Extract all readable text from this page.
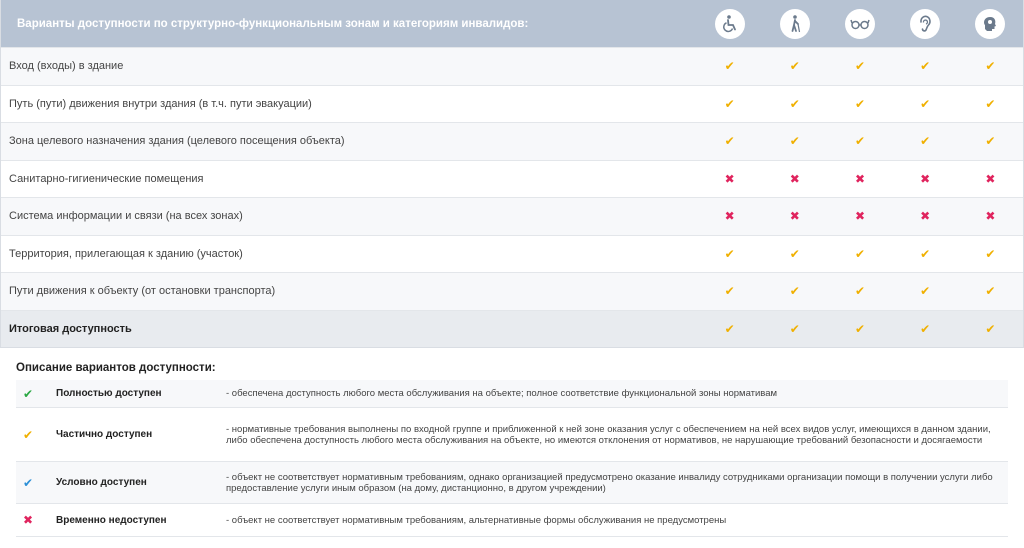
Варианты доступности по структурно-функциональным зонам и категориям инвалидов:
Вход (входы) в здание	✔	✔	✔	✔	✔
Путь (пути) движения внутри здания (в т.ч. пути эвакуации)	✔	✔	✔	✔	✔
Зона целевого назначения здания (целевого посещения объекта)	✔	✔	✔	✔	✔
Санитарно-гигиенические помещения	✖	✖	✖	✖	✖
Система информации и связи (на всех зонах)	✖	✖	✖	✖	✖
Территория, прилегающая к зданию (участок)	✔	✔	✔	✔	✔
Пути движения к объекту (от остановки транспорта)	✔	✔	✔	✔	✔
Итоговая доступность	✔	✔	✔	✔	✔
Описание вариантов доступности:
✔	Полностью доступен	- обеспечена доступность любого места обслуживания на объекте; полное соответствие функциональной зоны нормативам
✔	Частично доступен	- нормативные требования выполнены по входной группе и приближенной к ней зоне оказания услуг с обеспечением на ней всех видов услуг, имеющихся в данном здании, либо обеспечена доступность любого места обслуживания на объекте, но имеются отклонения от нормативов, не нарушающие требований безопасности и досягаемости
✔	Условно доступен	- объект не соответствует нормативным требованиям, однако организацией предусмотрено оказание инвалиду сотрудниками организации помощи в получении услуги либо предоставление услуги иным образом (на дому, дистанционно, в другом учреждении)
✖	Временно недоступен	- объект не соответствует нормативным требованиям, альтернативные формы обслуживания не предусмотрены
